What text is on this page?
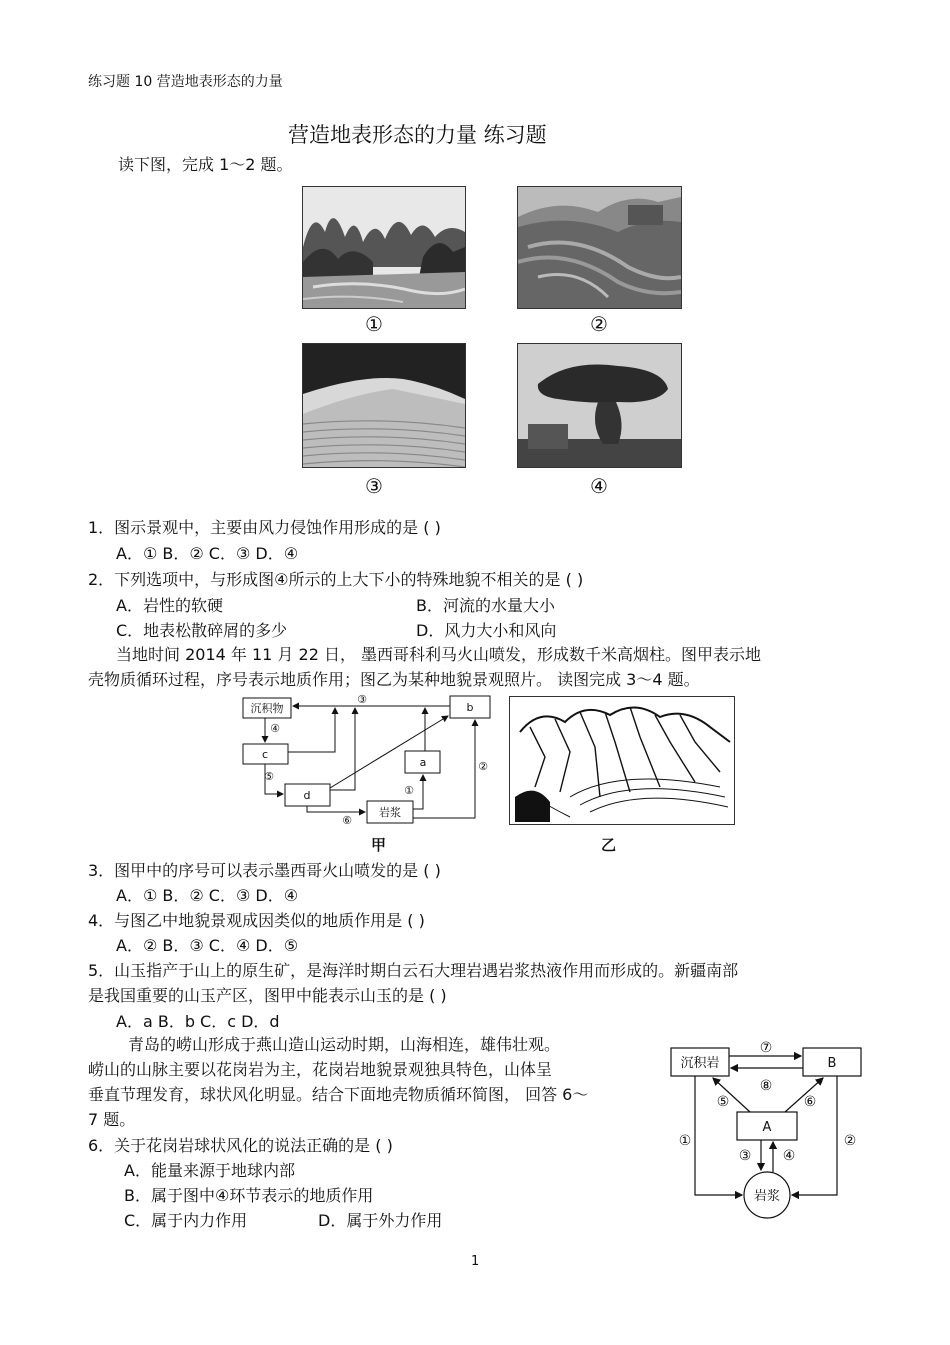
练习题 10 营造地表形态的力量
营造地表形态的力量 练习题
读下图，完成 1～2 题。
①	②
③	④
1．图示景观中，主要由风力侵蚀作用形成的是 ( )
A．① B．② C．③ D．④
2．下列选项中，与形成图④所示的上大下小的特殊地貌不相关的是 ( )
A．岩性的软硬	B．河流的水量大小
C．地表松散碎屑的多少	D．风力大小和风向
当地时间 2014 年 11 月 22 日， 墨西哥科利马火山喷发，形成数千米高烟柱。图甲表示地
壳物质循环过程，序号表示地质作用；图乙为某种地貌景观照片。 读图完成 3～4 题。
沉积物	b
c
a
d
岩浆
①
②
③
④
⑤
⑥
甲	乙
3．图甲中的序号可以表示墨西哥火山喷发的是 ( )
A．① B．② C．③ D．④
4．与图乙中地貌景观成因类似的地质作用是 ( )
A．② B．③ C．④ D．⑤
5．山玉指产于山上的原生矿，是海洋时期白云石大理岩遇岩浆热液作用而形成的。新疆南部
是我国重要的山玉产区，图甲中能表示山玉的是 ( )
A．a B．b C．c D．d
青岛的崂山形成于燕山造山运动时期，山海相连，雄伟壮观。
崂山的山脉主要以花岗岩为主，花岗岩地貌景观独具特色，山体呈
垂直节理发育，球状风化明显。结合下面地壳物质循环简图， 回答 6～
7 题。
沉积岩	B
A
岩浆
①	②
③ ④
⑤	⑥
⑦
⑧
6．关于花岗岩球状风化的说法正确的是 ( )
A．能量来源于地球内部
B．属于图中④环节表示的地质作用
C．属于内力作用	D．属于外力作用
1
